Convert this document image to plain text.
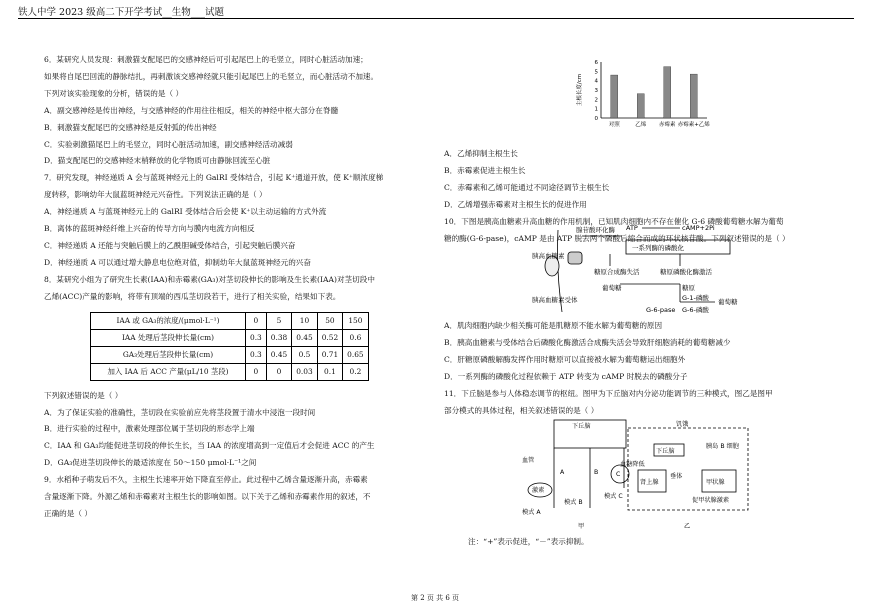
铁人中学 2023 级高二下开学考试__生物___试题

6．某研究人员发现：刺激猫支配尾巴的交感神经后可引起尾巴上的毛竖立，同时心脏活动加速；

如果将自尾巴回流的静脉结扎，再刺激该交感神经就只能引起尾巴上的毛竖立，而心脏活动不加速。

下列对该实验现象的分析，错误的是（ ）

A．副交感神经是传出神经，与交感神经的作用往往相反，相关的神经中枢大部分在脊髓

B．刺激猫支配尾巴的交感神经是反射弧的传出神经

C．实验刺激猫尾巴上的毛竖立，同时心脏活动加速，副交感神经活动减弱

D．猫支配尾巴的交感神经末梢释放的化学物质可由静脉回流至心脏

7．研究发现，神经递质 A 会与蓝斑神经元上的 GalRI 受体结合，引起 K⁺通道开放，使 K⁺顺浓度梯

度转移，影响幼年大鼠蓝斑神经元兴奋性。下列说法正确的是（ ）

A．神经递质 A 与蓝斑神经元上的 GalRI 受体结合后会使 K⁺以主动运输的方式外流

B．离体的蓝斑神经纤维上兴奋的传导方向与膜内电流方向相反

C．神经递质 A 还能与突触后膜上的乙酰胆碱受体结合，引起突触后膜兴奋

D．神经递质 A 可以通过增大静息电位绝对值，抑制幼年大鼠蓝斑神经元的兴奋

8．某研究小组为了研究生长素(IAA)和赤霉素(GA₃)对茎切段伸长的影响及生长素(IAA)对茎切段中

乙烯(ACC)产量的影响，将带有顶端的西瓜茎切段若干，进行了相关实验，结果如下表。

IAA 或 GA₃的浓度/(μmol·L⁻¹)	0	5	10	50	150
IAA 处理后茎段伸长量(cm)	0.3	0.38	0.45	0.52	0.6
GA₃处理后茎段伸长量(cm)	0.3	0.45	0.5	0.71	0.65
加入 IAA 后 ACC 产量(μL/10 茎段)	0	0	0.03	0.1	0.2

下列叙述错误的是（ ）

A．为了保证实验的准确性，茎切段在实验前应先将茎段置于清水中浸泡一段时间

B．进行实验的过程中，激素处理部位属于茎切段的形态学上端

C．IAA 和 GA₃均能促进茎切段的伸长生长，当 IAA 的浓度增高到一定值后才会促进 ACC 的产生

D．GA₃促进茎切段伸长的最适浓度在 50～150 μmol·L⁻¹之间

9．水稻种子萌发后不久，主根生长速率开始下降直至停止。此过程中乙烯含量逐渐升高，赤霉素

含量逐渐下降。外源乙烯和赤霉素对主根生长的影响如图。以下关于乙烯和赤霉素作用的叙述，不

正确的是（ ）

0
1
2
3
4
5
6
主根长度/cm
对照	乙烯 赤霉素 赤霉素+乙烯

A．乙烯抑制主根生长

B．赤霉素促进主根生长

C．赤霉素和乙烯可能通过不同途径调节主根生长

D．乙烯增强赤霉素对主根生长的促进作用

10．下图是胰高血糖素升高血糖的作用机制，已知肌肉细胞内不存在催化 G-6 磷酸葡萄糖水解为葡萄

糖的酶(G-6-pase)，cAMP 是由 ATP 脱去两个磷酸后缩合而成的环状核苷酸。下列叙述错误的是（ ）

胰高血糖素
腺苷酸环化酶 ATP	cAMP+2Pi
一系列酶的磷酸化
糖原合成酶失活	糖原磷酸化酶激活
葡萄糖	糖原
G-1-磷酸
G-6-磷酸
葡萄糖
G-6-pase
胰高血糖素受体

A．肌肉细胞内缺少相关酶可能是肌糖原不能水解为葡萄糖的原因

B．胰高血糖素与受体结合后磷酸化酶激活合成酶失活会导致肝细胞消耗的葡萄糖减少

C．肝糖原磷酸解酶发挥作用时糖原可以直接被水解为葡萄糖运出细胞外

D．一系列酶的磷酸化过程依赖于 ATP 转变为 cAMP 时脱去的磷酸分子

11．下丘脑是参与人体稳态调节的枢纽。图甲为下丘脑对内分泌功能调节的三种模式，图乙是图甲

部分模式的具体过程，相关叙述错误的是（ ）

下丘脑
血管
A	B	C
激素
模式 A
模式 B
模式 C
甲
饥饿
下丘脑
胰岛 B 细胞
血糖降低
垂体
肾上腺	甲状腺
促甲状腺激素
乙
注：“+”表示促进，“－”表示抑制。
第 2 页 共 6 页
